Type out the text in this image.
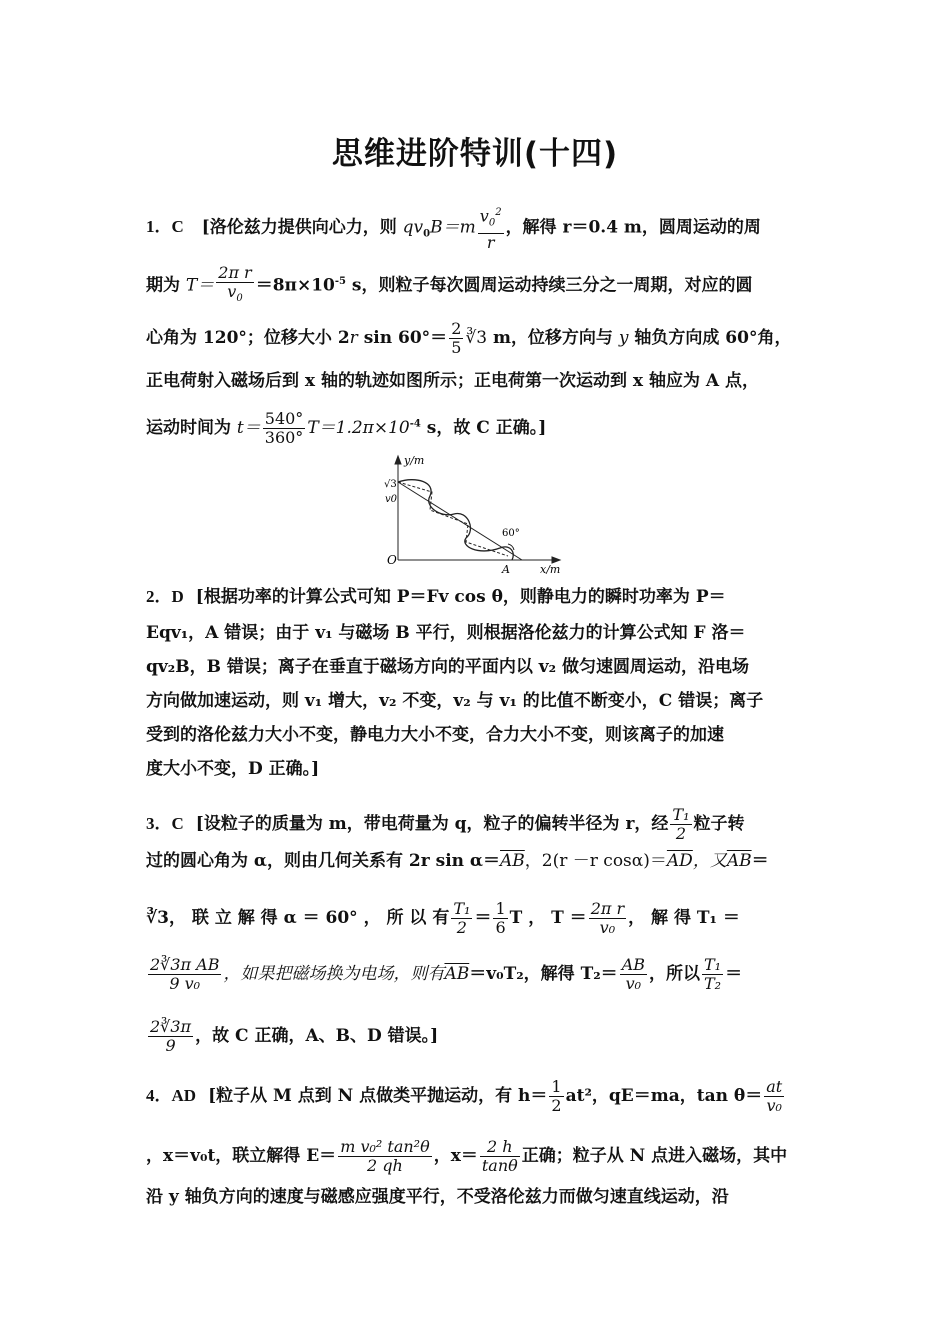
思维进阶特训(十四)
1．C [洛伦兹力提供向心力，则 $qv_0B=m \frac{v_0^2}{r}$ ，解得 r＝0.4 m，圆周运动的周
期为 $T= \frac{\text{2π r}}{v_0} =8\pi\times 10^{-5}$ s，则粒子每次圆周运动持续三分之一周期，对应的圆
心角为 120°；位移大小 2r $\sin 60^\circ= \frac{2}{5}$ ∛3 m，位移方向与 y 轴负方向成 60°角，
正电荷射入磁场后到 x 轴的轨迹如图所示；正电荷第一次运动到 x 轴应为 A 点，
运动时间为 $t= \frac{540^\circ}{360^\circ} T=1.2\pi\times 10^{-4}$ s，故 C 正确。]
y/m
x/m
O
√3
v0
60°
A
2．D [根据功率的计算公式可知 P＝Fv cos θ，则静电力的瞬时功率为 P＝
Eqv₁，A 错误；由于 v₁ 与磁场 B 平行，则根据洛伦兹力的计算公式知 F 洛＝
qv₂B，B 错误；离子在垂直于磁场方向的平面内以 v₂ 做匀速圆周运动，沿电场
方向做加速运动，则 v₁ 增大，v₂ 不变，v₂ 与 v₁ 的比值不断变小，C 错误；离子
受到的洛伦兹力大小不变，静电力大小不变，合力大小不变，则该离子的加速
度大小不变，D 正确。]
3．C [设粒子的质量为 m，带电荷量为 q，粒子的偏转半径为 r，经 $\frac{\text{T₁}}{2}$ 粒子转
过的圆心角为 α，则由几何关系有 2r $\sin \alpha=\overline{AB}$，2(r －r $\cos\alpha)=\overline{AD}$，又$\overline{AB}=$
∛3， 联 立 解 得 α ＝ 60° ， 所 以 有 $\frac{\text{T₁}}{2} = \frac{1}{6}$ T ， $T = \frac{\text{2π r}}{\text{v₀}}$ ， 解 得 T₁ ＝
$\frac{\text{2∛3π AB}}{\text{9 v₀}}$ ，如果把磁场换为电场，则有$\overline{AB}=v_0T_2$，解得 $T_2= \frac{AB}{\text{v₀}}$ ，所以 $\frac{\text{T₁}}{\text{T₂}}$ ＝
$\frac{2∛3\pi}{9}$ ，故 C 正确，A、B、D 错误。]
4．AD [粒子从 M 点到 N 点做类平抛运动，有 $h= \frac{1}{2} at^2$，qE＝ma，$\tan \theta= \frac{at}{\text{v₀}}$
，x＝v₀t，联立解得 $E= \frac{\text{m v₀² tan²θ}}{2 qh}$ ，$x= \frac{2 h}{\tan\theta}$ 正确；粒子从 N 点进入磁场，其中
沿 y 轴负方向的速度与磁感应强度平行，不受洛伦兹力而做匀速直线运动，沿
